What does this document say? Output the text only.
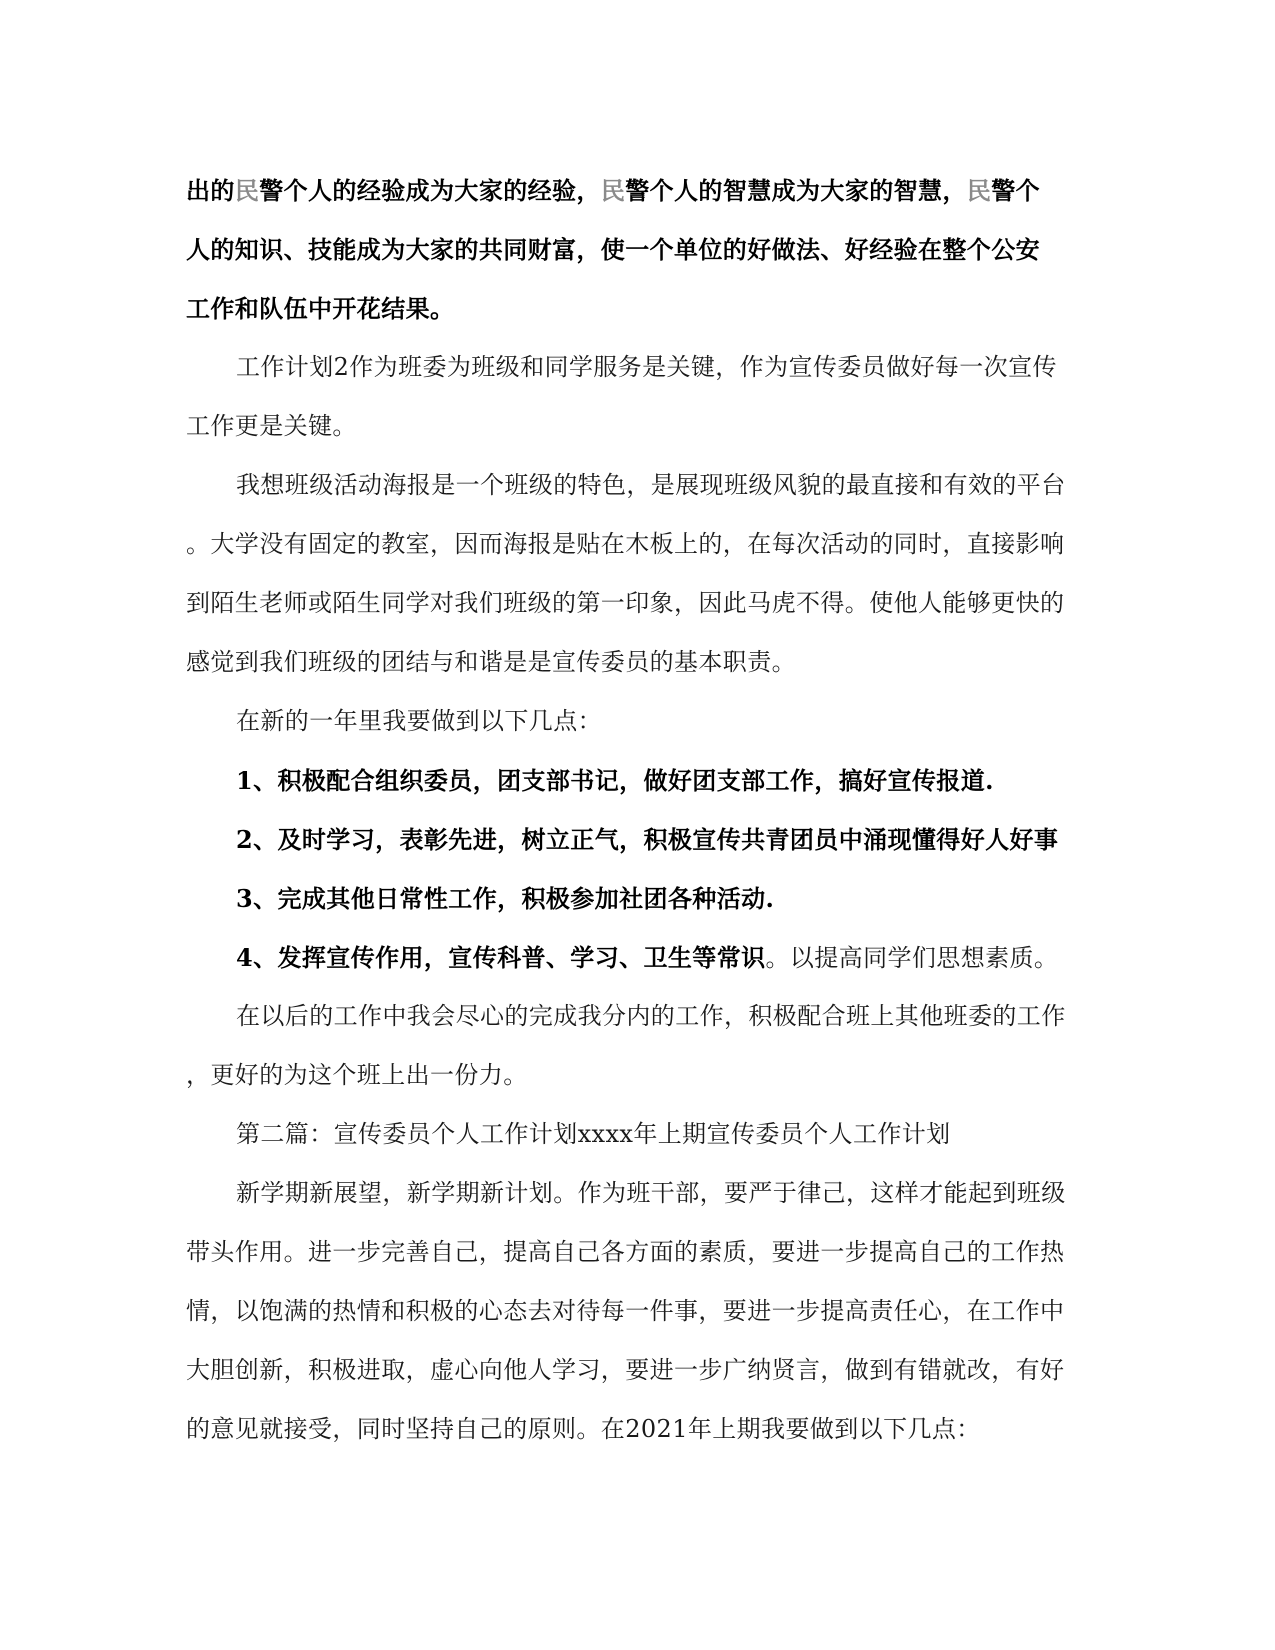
出的民警个人的经验成为大家的经验，民警个人的智慧成为大家的智慧，民警个
人的知识、技能成为大家的共同财富，使一个单位的好做法、好经验在整个公安
工作和队伍中开花结果。
工作计划2作为班委为班级和同学服务是关键，作为宣传委员做好每一次宣传
工作更是关键。
我想班级活动海报是一个班级的特色，是展现班级风貌的最直接和有效的平台
。大学没有固定的教室，因而海报是贴在木板上的，在每次活动的同时，直接影响
到陌生老师或陌生同学对我们班级的第一印象，因此马虎不得。使他人能够更快的
感觉到我们班级的团结与和谐是是宣传委员的基本职责。
在新的一年里我要做到以下几点：
1、积极配合组织委员，团支部书记，做好团支部工作，搞好宣传报道.
2、及时学习，表彰先进，树立正气，积极宣传共青团员中涌现懂得好人好事
3、完成其他日常性工作，积极参加社团各种活动.
4、发挥宣传作用，宣传科普、学习、卫生等常识。以提高同学们思想素质。
在以后的工作中我会尽心的完成我分内的工作，积极配合班上其他班委的工作
，更好的为这个班上出一份力。
第二篇：宣传委员个人工作计划xxxx年上期宣传委员个人工作计划
新学期新展望，新学期新计划。作为班干部，要严于律己，这样才能起到班级
带头作用。进一步完善自己，提高自己各方面的素质，要进一步提高自己的工作热
情，以饱满的热情和积极的心态去对待每一件事，要进一步提高责任心，在工作中
大胆创新，积极进取，虚心向他人学习，要进一步广纳贤言，做到有错就改，有好
的意见就接受，同时坚持自己的原则。在2021年上期我要做到以下几点：
